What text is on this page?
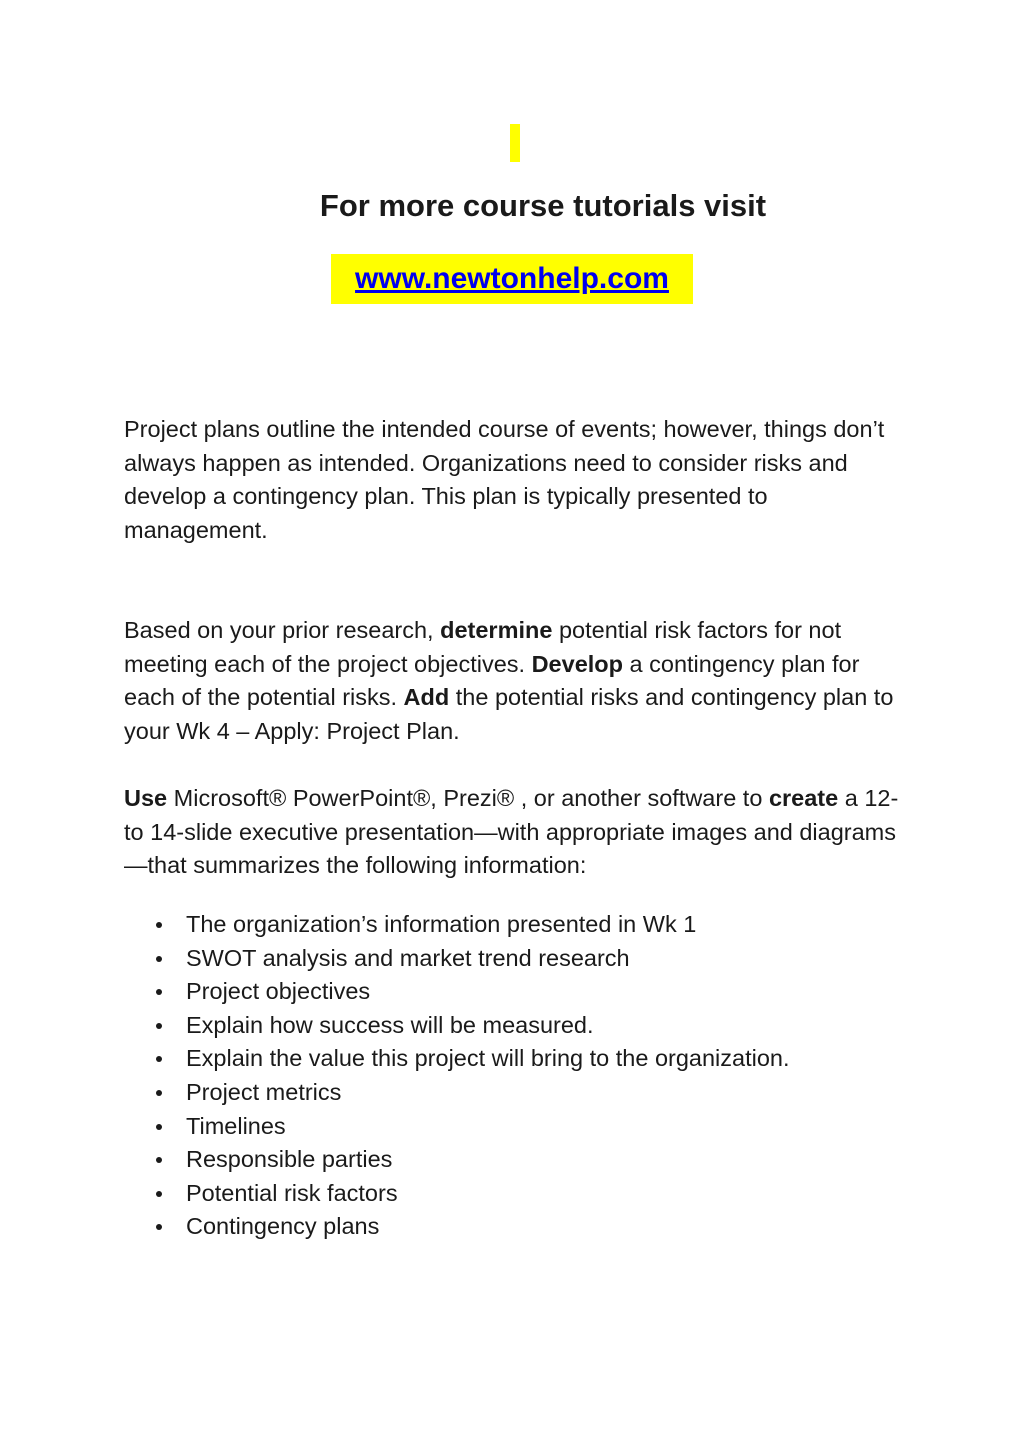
For more course tutorials visit
www.newtonhelp.com

Project plans outline the intended course of events; however, things don’t always happen as intended. Organizations need to consider risks and develop a contingency plan. This plan is typically presented to management.

Based on your prior research, determine potential risk factors for not meeting each of the project objectives. Develop a contingency plan for each of the potential risks. Add the potential risks and contingency plan to your Wk 4 – Apply: Project Plan.

Use Microsoft® PowerPoint®, Prezi® , or another software to create a 12- to 14-slide executive presentation—with appropriate images and diagrams—that summarizes the following information:

The organization’s information presented in Wk 1
SWOT analysis and market trend research
Project objectives
Explain how success will be measured.
Explain the value this project will bring to the organization.
Project metrics
Timelines
Responsible parties
Potential risk factors
Contingency plans
